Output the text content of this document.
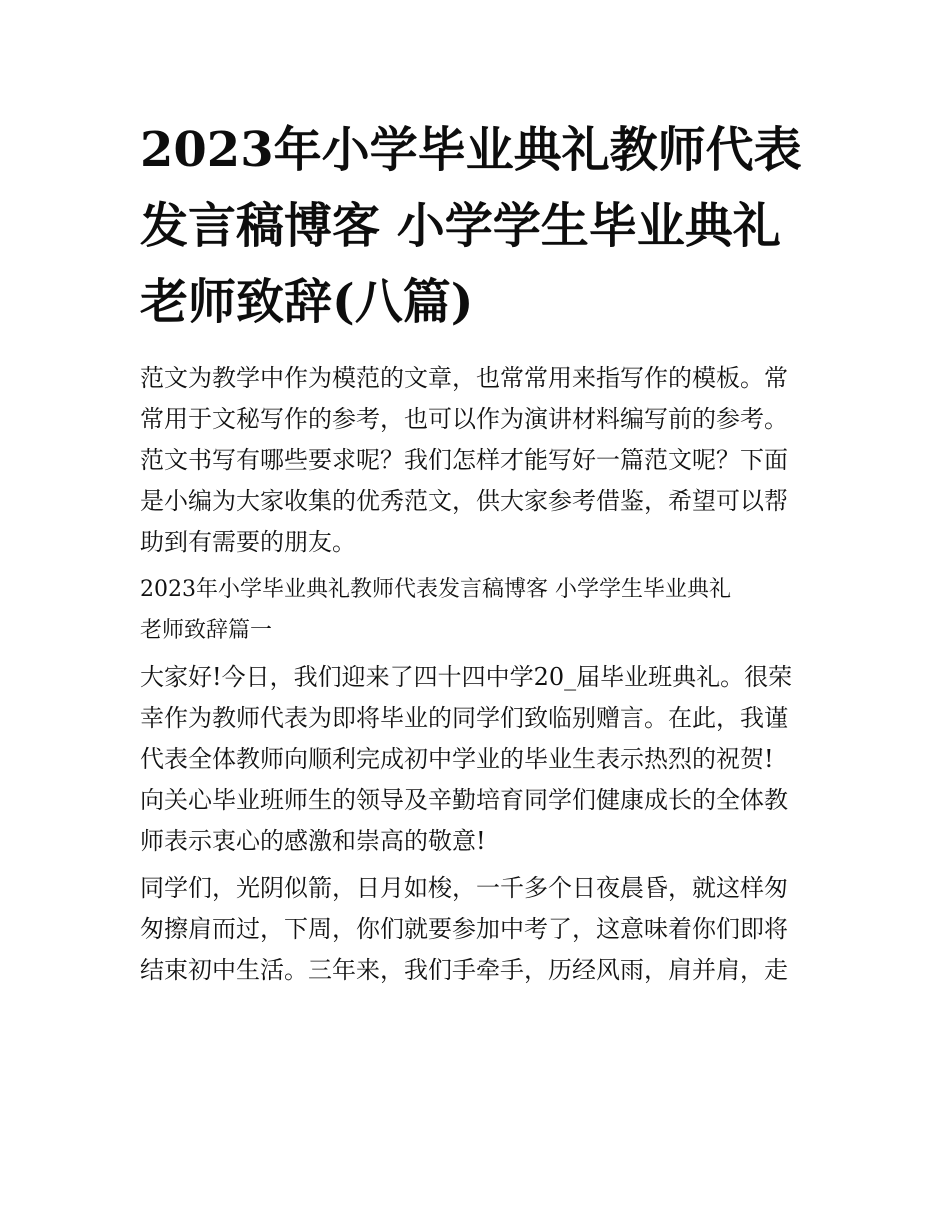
2023年小学毕业典礼教师代表
发言稿博客 小学学生毕业典礼
老师致辞(八篇)
范文为教学中作为模范的文章，也常常用来指写作的模板。常
常用于文秘写作的参考，也可以作为演讲材料编写前的参考。
范文书写有哪些要求呢？我们怎样才能写好一篇范文呢？下面
是小编为大家收集的优秀范文，供大家参考借鉴，希望可以帮
助到有需要的朋友。
2023年小学毕业典礼教师代表发言稿博客 小学学生毕业典礼
老师致辞篇一
大家好!今日，我们迎来了四十四中学20_届毕业班典礼。很荣
幸作为教师代表为即将毕业的同学们致临别赠言。在此，我谨
代表全体教师向顺利完成初中学业的毕业生表示热烈的祝贺!
向关心毕业班师生的领导及辛勤培育同学们健康成长的全体教
师表示衷心的感激和崇高的敬意!
同学们，光阴似箭，日月如梭，一千多个日夜晨昏，就这样匆
匆擦肩而过，下周，你们就要参加中考了，这意味着你们即将
结束初中生活。三年来，我们手牵手，历经风雨，肩并肩，走
